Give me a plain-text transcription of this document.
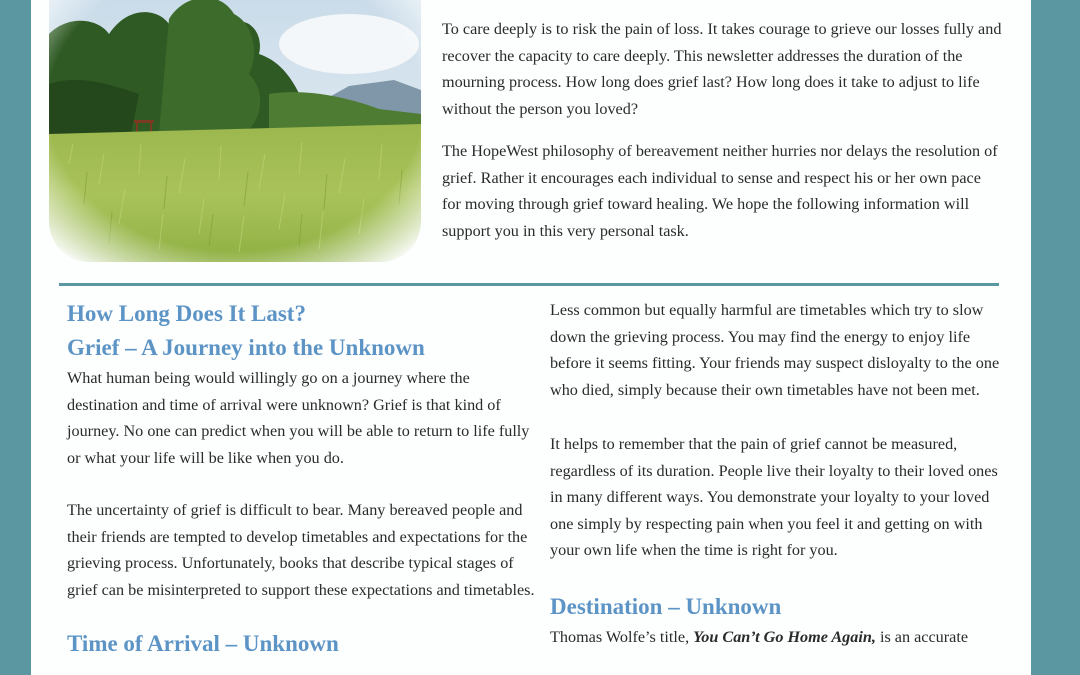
To care deeply is to risk the pain of loss. It takes courage to grieve our losses fully and recover the capacity to care deeply. This newsletter addresses the duration of the mourning process. How long does grief last? How long does it take to adjust to life without the person you loved?

The HopeWest philosophy of bereavement neither hurries nor delays the resolution of grief. Rather it encourages each individual to sense and respect his or her own pace for moving through grief toward healing. We hope the following information will support you in this very personal task.

How Long Does It Last?
Grief – A Journey into the Unknown

What human being would willingly go on a journey where the destination and time of arrival were unknown? Grief is that kind of journey. No one can predict when you will be able to return to life fully or what your life will be like when you do.

The uncertainty of grief is difficult to bear. Many bereaved people and their friends are tempted to develop timetables and expectations for the grieving process. Unfortunately, books that describe typical stages of grief can be misinterpreted to support these expectations and timetables.

Time of Arrival – Unknown

Less common but equally harmful are timetables which try to slow down the grieving process. You may find the energy to enjoy life before it seems fitting. Your friends may suspect disloyalty to the one who died, simply because their own timetables have not been met.

It helps to remember that the pain of grief cannot be measured, regardless of its duration. People live their loyalty to their loved ones in many different ways. You demonstrate your loyalty to your loved one simply by respecting pain when you feel it and getting on with your own life when the time is right for you.

Destination – Unknown

Thomas Wolfe’s title, You Can’t Go Home Again, is an accurate
